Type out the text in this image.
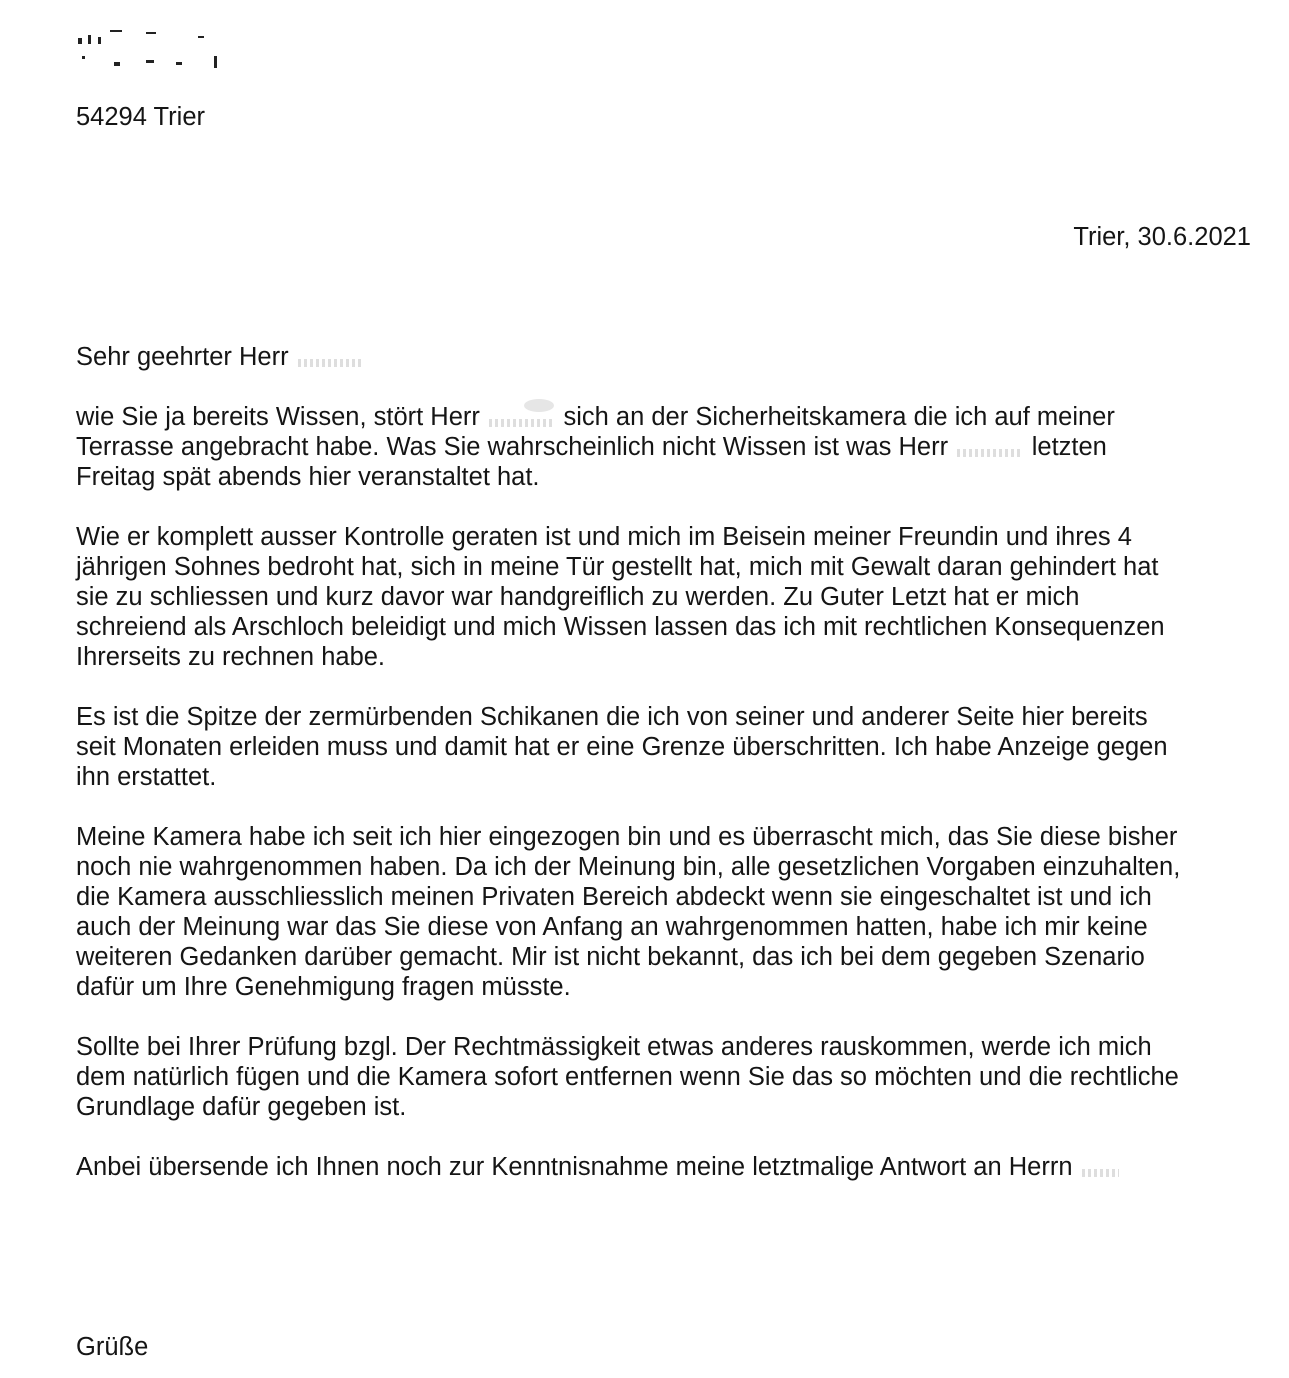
54294 Trier
Trier, 30.6.2021
Sehr geehrter Herr
wie Sie ja bereits Wissen, stört Herr	sich an der Sicherheitskamera die ich auf meiner
Terrasse angebracht habe. Was Sie wahrscheinlich nicht Wissen ist was Herr	letzten
Freitag spät abends hier veranstaltet hat.
Wie er komplett ausser Kontrolle geraten ist und mich im Beisein meiner Freundin und ihres 4
jährigen Sohnes bedroht hat, sich in meine Tür gestellt hat, mich mit Gewalt daran gehindert hat
sie zu schliessen und kurz davor war handgreiflich zu werden. Zu Guter Letzt hat er mich
schreiend als Arschloch beleidigt und mich Wissen lassen das ich mit rechtlichen Konsequenzen
Ihrerseits zu rechnen habe.
Es ist die Spitze der zermürbenden Schikanen die ich von seiner und anderer Seite hier bereits
seit Monaten erleiden muss und damit hat er eine Grenze überschritten. Ich habe Anzeige gegen
ihn erstattet.
Meine Kamera habe ich seit ich hier eingezogen bin und es überrascht mich, das Sie diese bisher
noch nie wahrgenommen haben. Da ich der Meinung bin, alle gesetzlichen Vorgaben einzuhalten,
die Kamera ausschliesslich meinen Privaten Bereich abdeckt wenn sie eingeschaltet ist und ich
auch der Meinung war das Sie diese von Anfang an wahrgenommen hatten, habe ich mir keine
weiteren Gedanken darüber gemacht. Mir ist nicht bekannt, das ich bei dem gegeben Szenario
dafür um Ihre Genehmigung fragen müsste.
Sollte bei Ihrer Prüfung bzgl. Der Rechtmässigkeit etwas anderes rauskommen, werde ich mich
dem natürlich fügen und die Kamera sofort entfernen wenn Sie das so möchten und die rechtliche
Grundlage dafür gegeben ist.
Anbei übersende ich Ihnen noch zur Kenntnisnahme meine letztmalige Antwort an Herrn
Grüße
